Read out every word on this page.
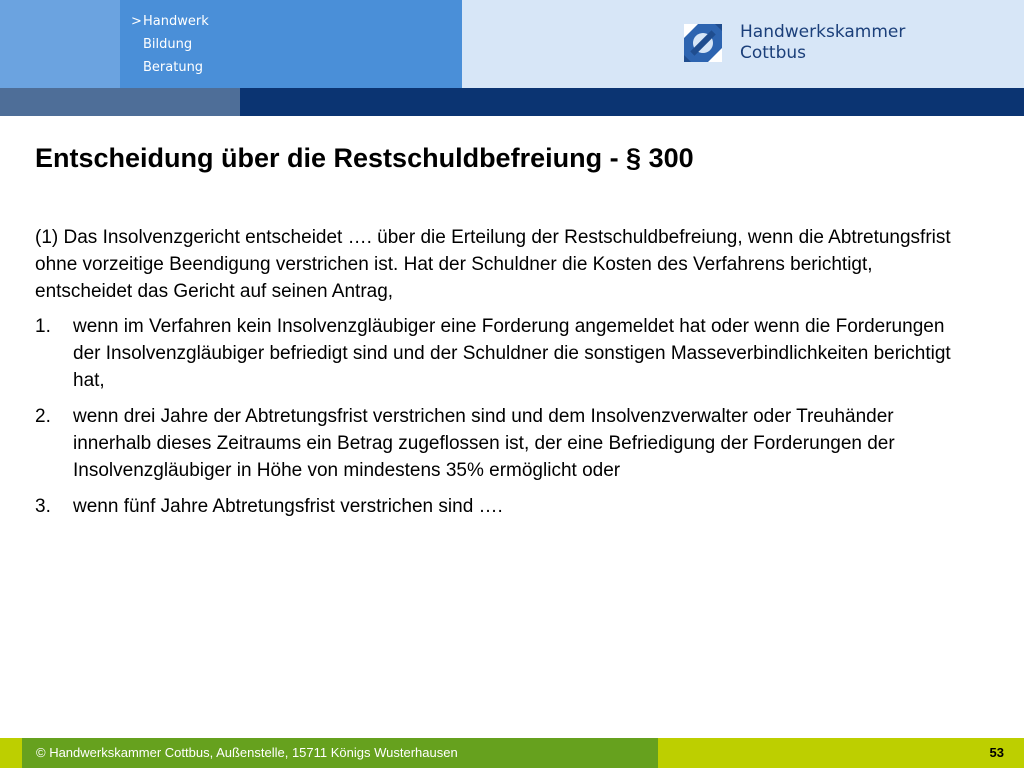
>Handwerk
Bildung
Beratung
Handwerkskammer
Cottbus
Entscheidung über die Restschuldbefreiung - § 300

(1) Das Insolvenzgericht entscheidet …. über die Erteilung der Restschuldbefreiung, wenn die Abtretungsfrist ohne vorzeitige Beendigung verstrichen ist. Hat der Schuldner die Kosten des Verfahrens berichtigt, entscheidet das Gericht auf seinen Antrag,

1. wenn im Verfahren kein Insolvenzgläubiger eine Forderung angemeldet hat oder wenn die Forderungen der Insolvenzgläubiger befriedigt sind und der Schuldner die sonstigen Masseverbindlichkeiten berichtigt hat,
2. wenn drei Jahre der Abtretungsfrist verstrichen sind und dem Insolvenzverwalter oder Treuhänder innerhalb dieses Zeitraums ein Betrag zugeflossen ist, der eine Befriedigung der Forderungen der Insolvenzgläubiger in Höhe von mindestens 35% ermöglicht oder
3. wenn fünf Jahre Abtretungsfrist verstrichen sind ….
© Handwerkskammer Cottbus, Außenstelle, 15711 Königs Wusterhausen	53
